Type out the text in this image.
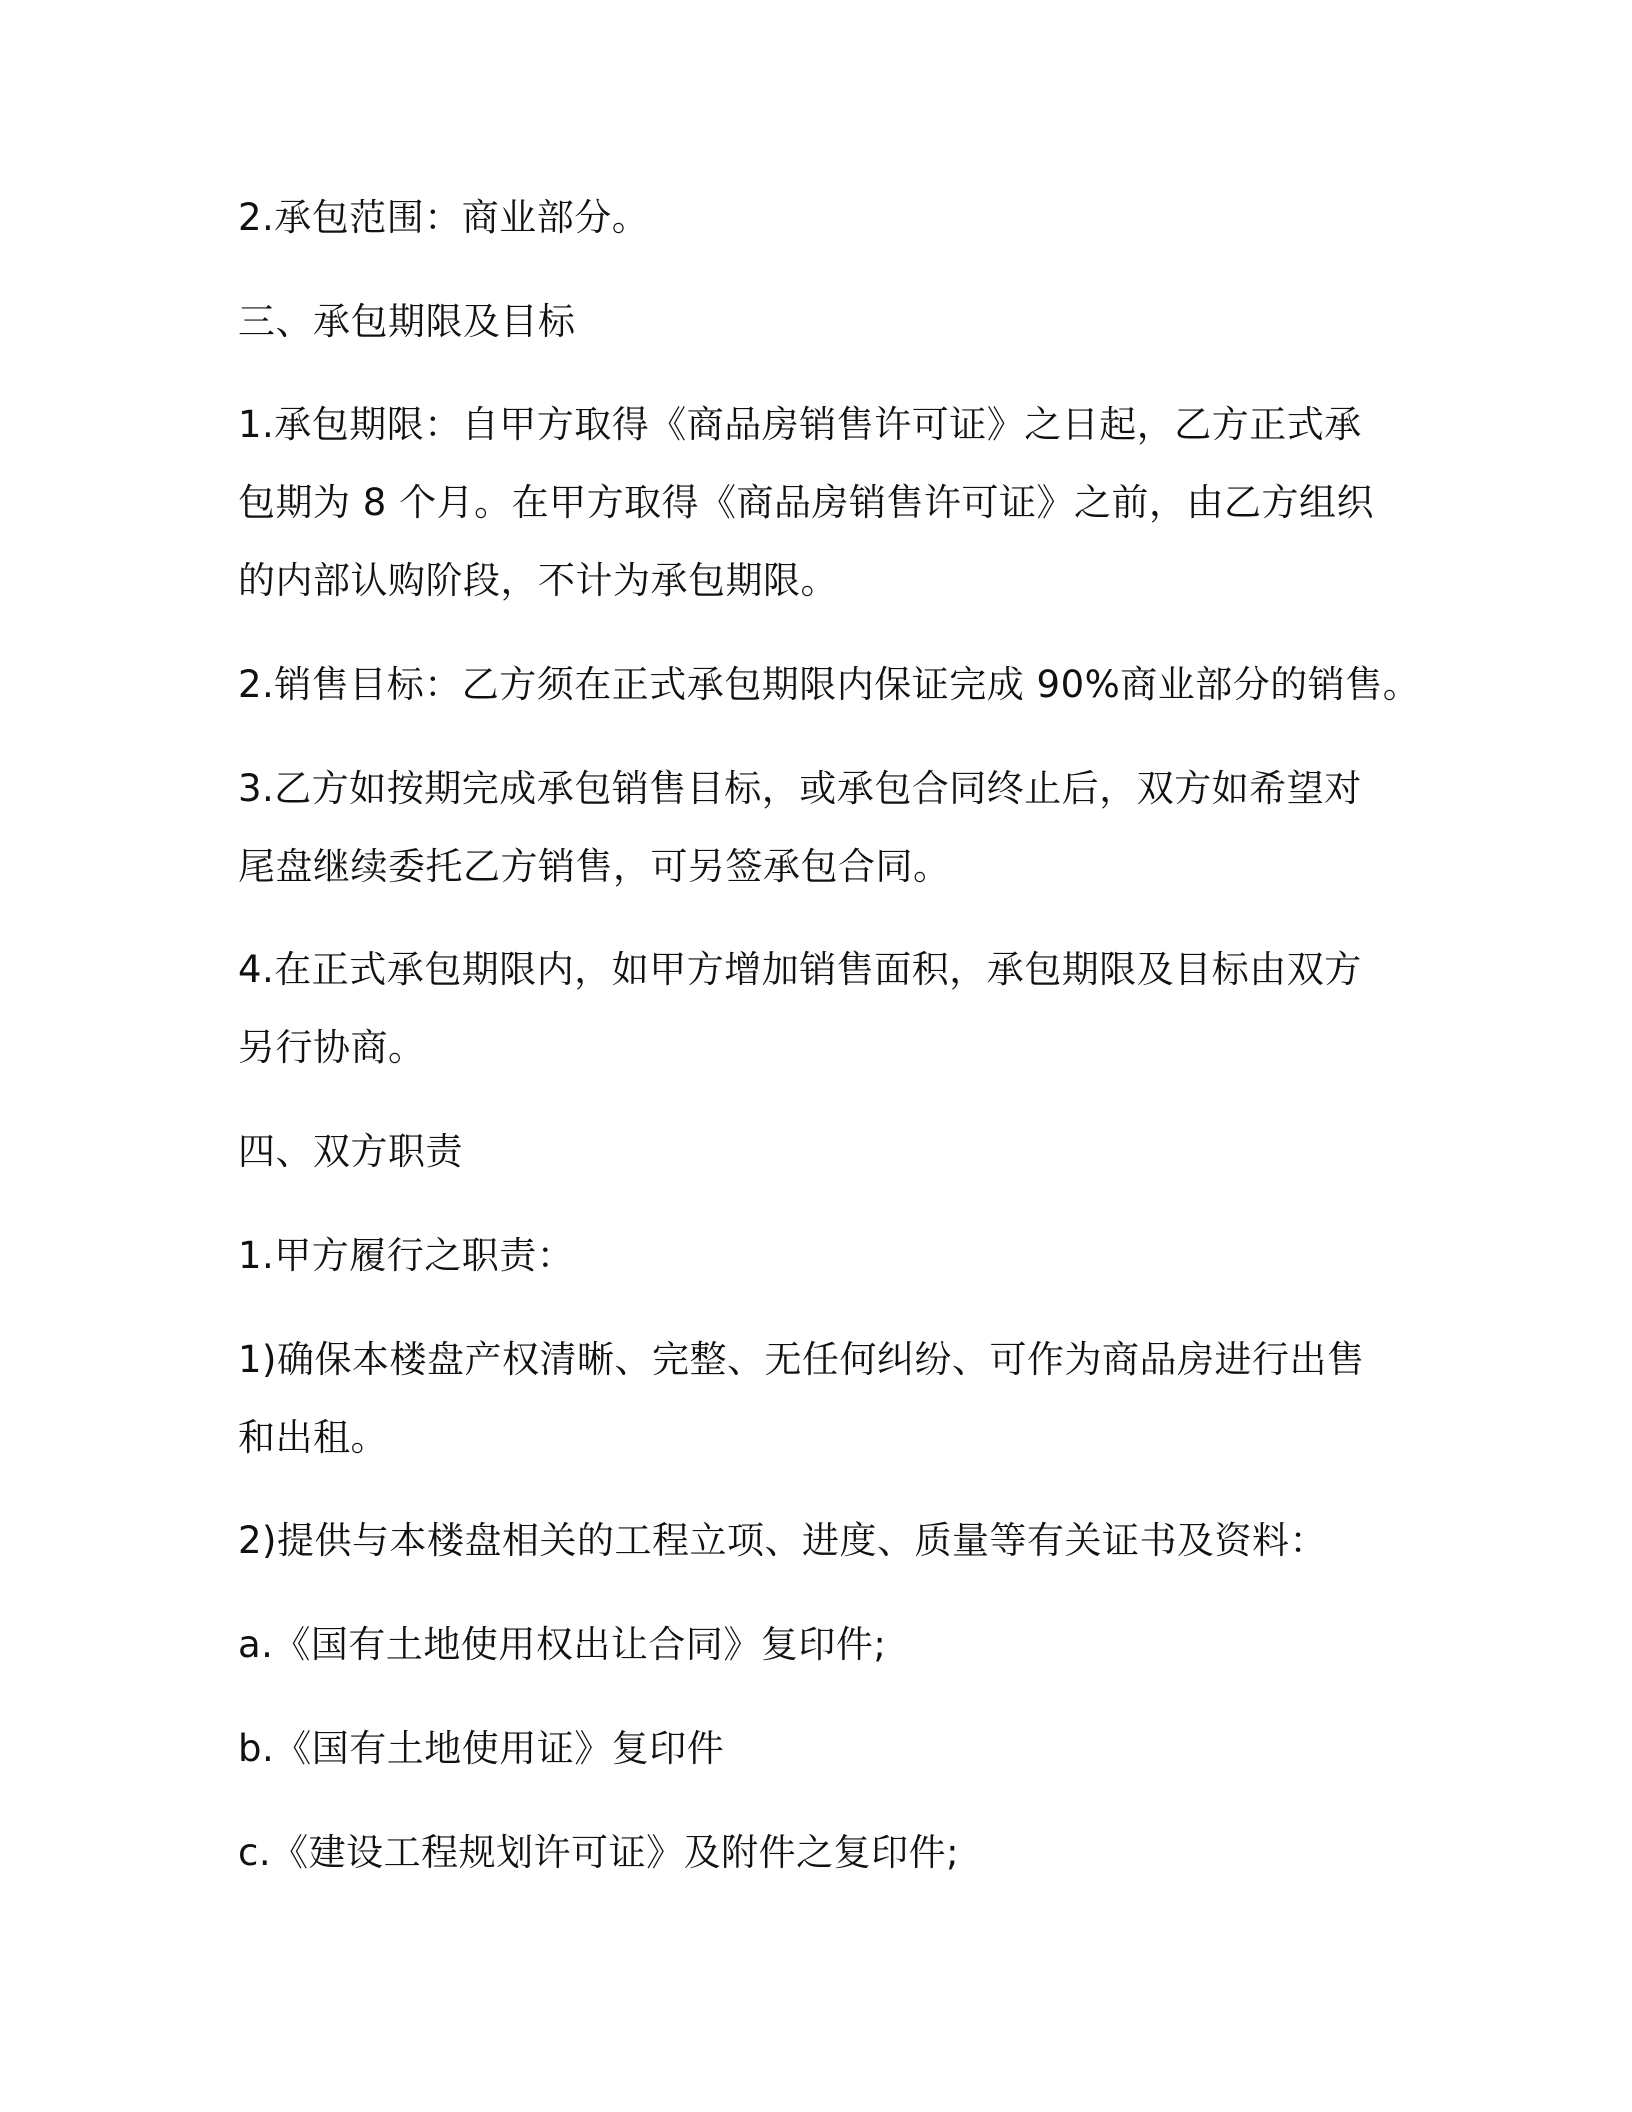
2.承包范围：商业部分。
三、承包期限及目标
1.承包期限：自甲方取得《商品房销售许可证》之日起，乙方正式承
包期为 8 个月。在甲方取得《商品房销售许可证》之前，由乙方组织
的内部认购阶段，不计为承包期限。
2.销售目标：乙方须在正式承包期限内保证完成 90%商业部分的销售。
3.乙方如按期完成承包销售目标，或承包合同终止后，双方如希望对
尾盘继续委托乙方销售，可另签承包合同。
4.在正式承包期限内，如甲方增加销售面积，承包期限及目标由双方
另行协商。
四、双方职责
1.甲方履行之职责：
1)确保本楼盘产权清晰、完整、无任何纠纷、可作为商品房进行出售
和出租。
2)提供与本楼盘相关的工程立项、进度、质量等有关证书及资料：
a.《国有土地使用权出让合同》复印件;
b.《国有土地使用证》复印件
c.《建设工程规划许可证》及附件之复印件;
